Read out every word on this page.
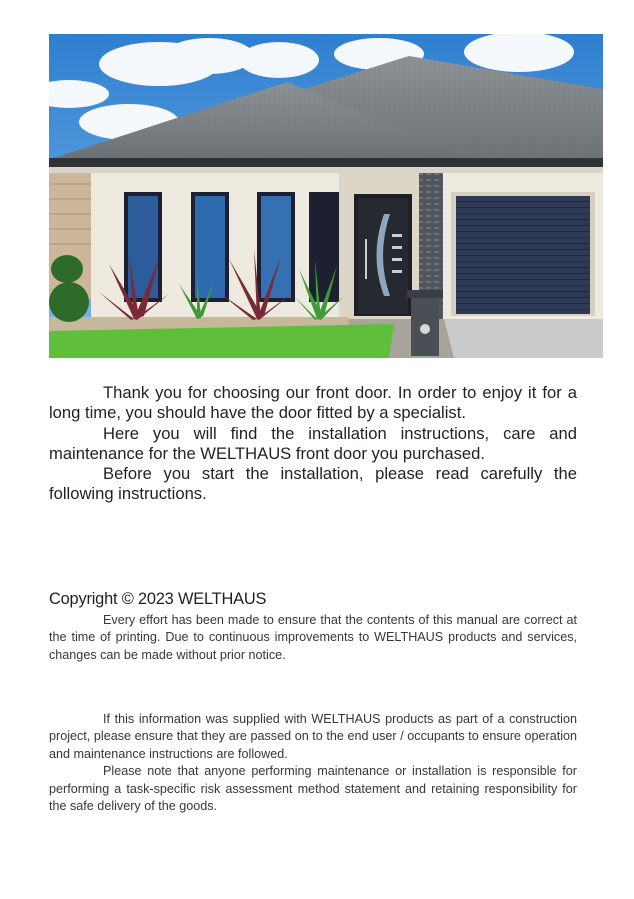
Thank you for choosing our front door. In order to enjoy it for a long time, you should have the door fitted by a specialist.

Here you will find the installation instructions, care and maintenance for the WELTHAUS front door you purchased.

Before you start the installation, please read carefully the following instructions.

Copyright © 2023 WELTHAUS

Every effort has been made to ensure that the contents of this manual are correct at the time of printing. Due to continuous improvements to WELTHAUS products and services, changes can be made without prior notice.

If this information was supplied with WELTHAUS products as part of a construction project, please ensure that they are passed on to the end user / occupants to ensure operation and maintenance instructions are followed.

Please note that anyone performing maintenance or installation is responsible for performing a task-specific risk assessment method statement and retaining responsibility for the safe delivery of the goods.
